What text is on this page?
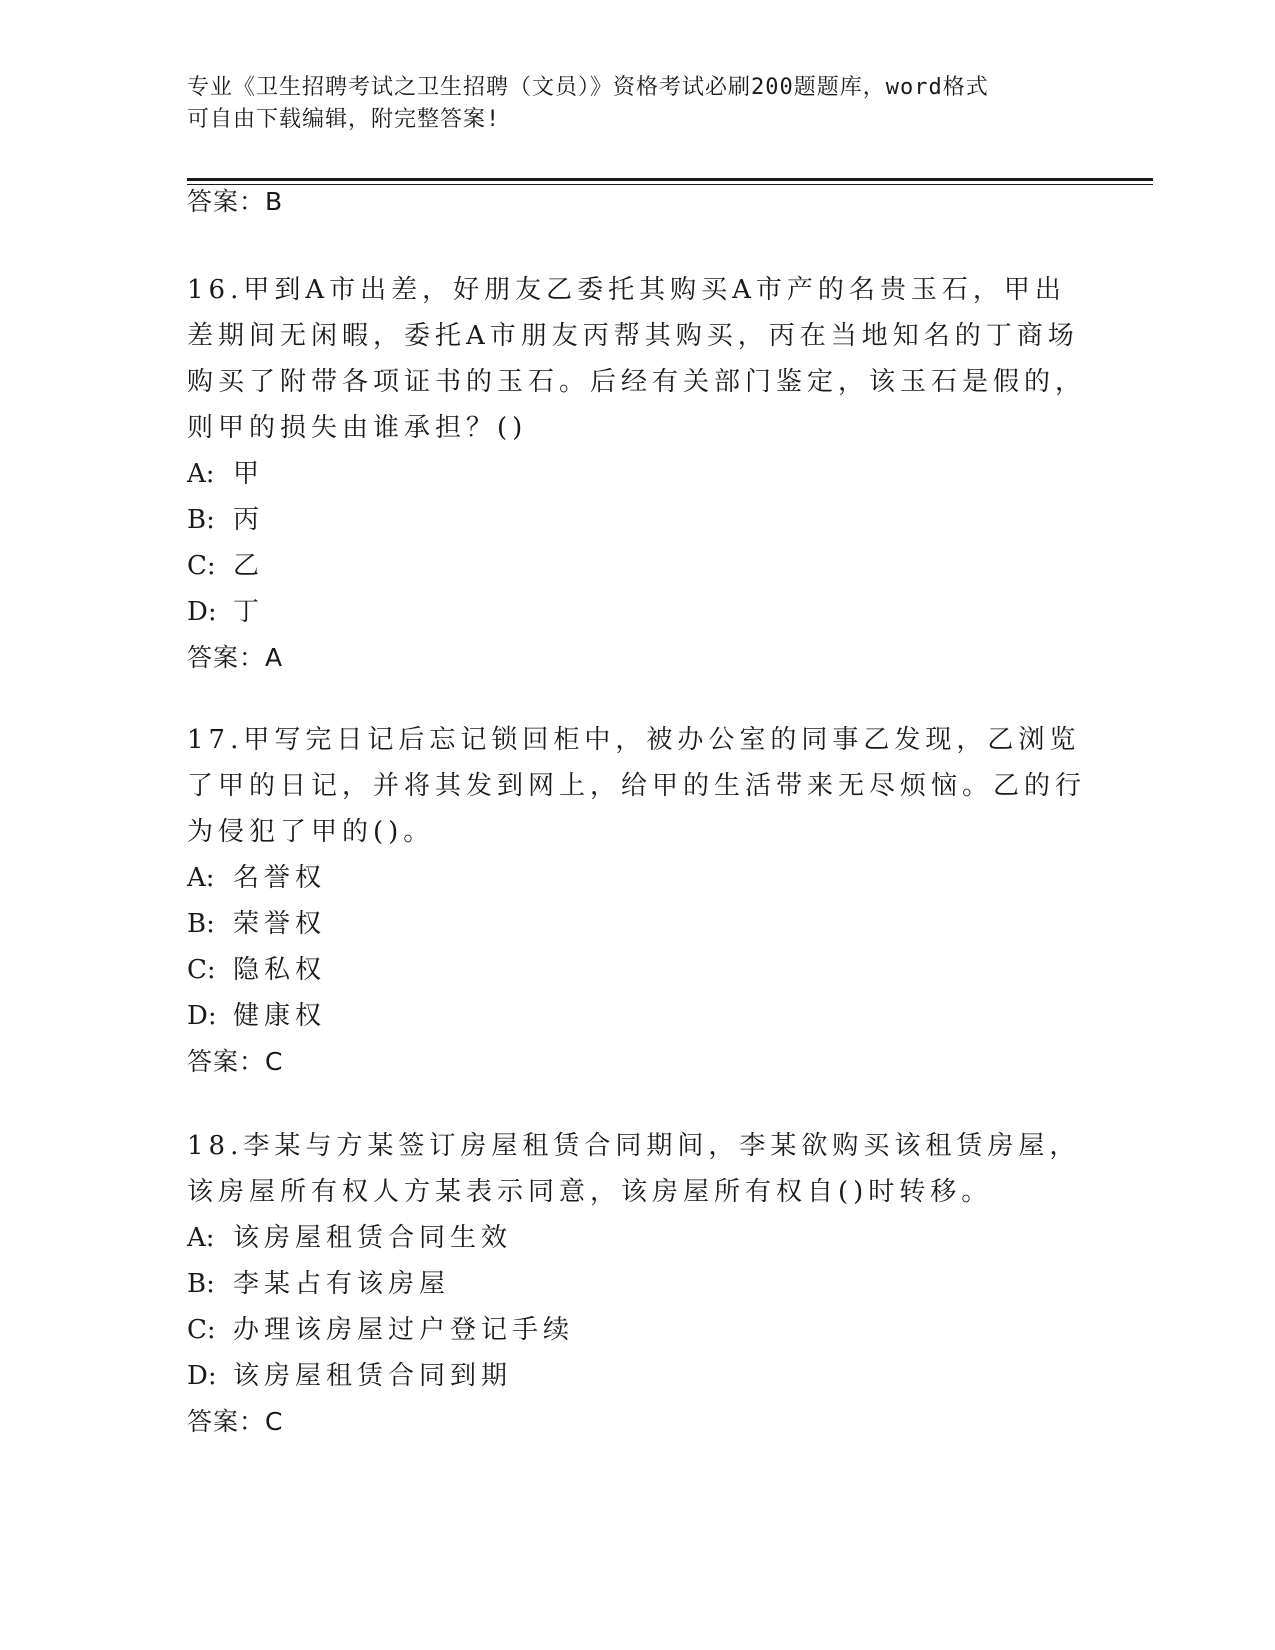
专业《卫生招聘考试之卫生招聘（文员）》资格考试必刷200题题库，word格式
可自由下载编辑，附完整答案!

答案：B

16.甲到A市出差，好朋友乙委托其购买A市产的名贵玉石，甲出差期间无闲暇，委托A市朋友丙帮其购买，丙在当地知名的丁商场购买了附带各项证书的玉石。后经有关部门鉴定，该玉石是假的，则甲的损失由谁承担？()

A: 甲

B: 丙

C: 乙

D: 丁

答案：A

17.甲写完日记后忘记锁回柜中，被办公室的同事乙发现，乙浏览了甲的日记，并将其发到网上，给甲的生活带来无尽烦恼。乙的行为侵犯了甲的()。

A: 名誉权

B: 荣誉权

C: 隐私权

D: 健康权

答案：C

18.李某与方某签订房屋租赁合同期间，李某欲购买该租赁房屋，该房屋所有权人方某表示同意，该房屋所有权自()时转移。

A: 该房屋租赁合同生效

B: 李某占有该房屋

C: 办理该房屋过户登记手续

D: 该房屋租赁合同到期

答案：C
